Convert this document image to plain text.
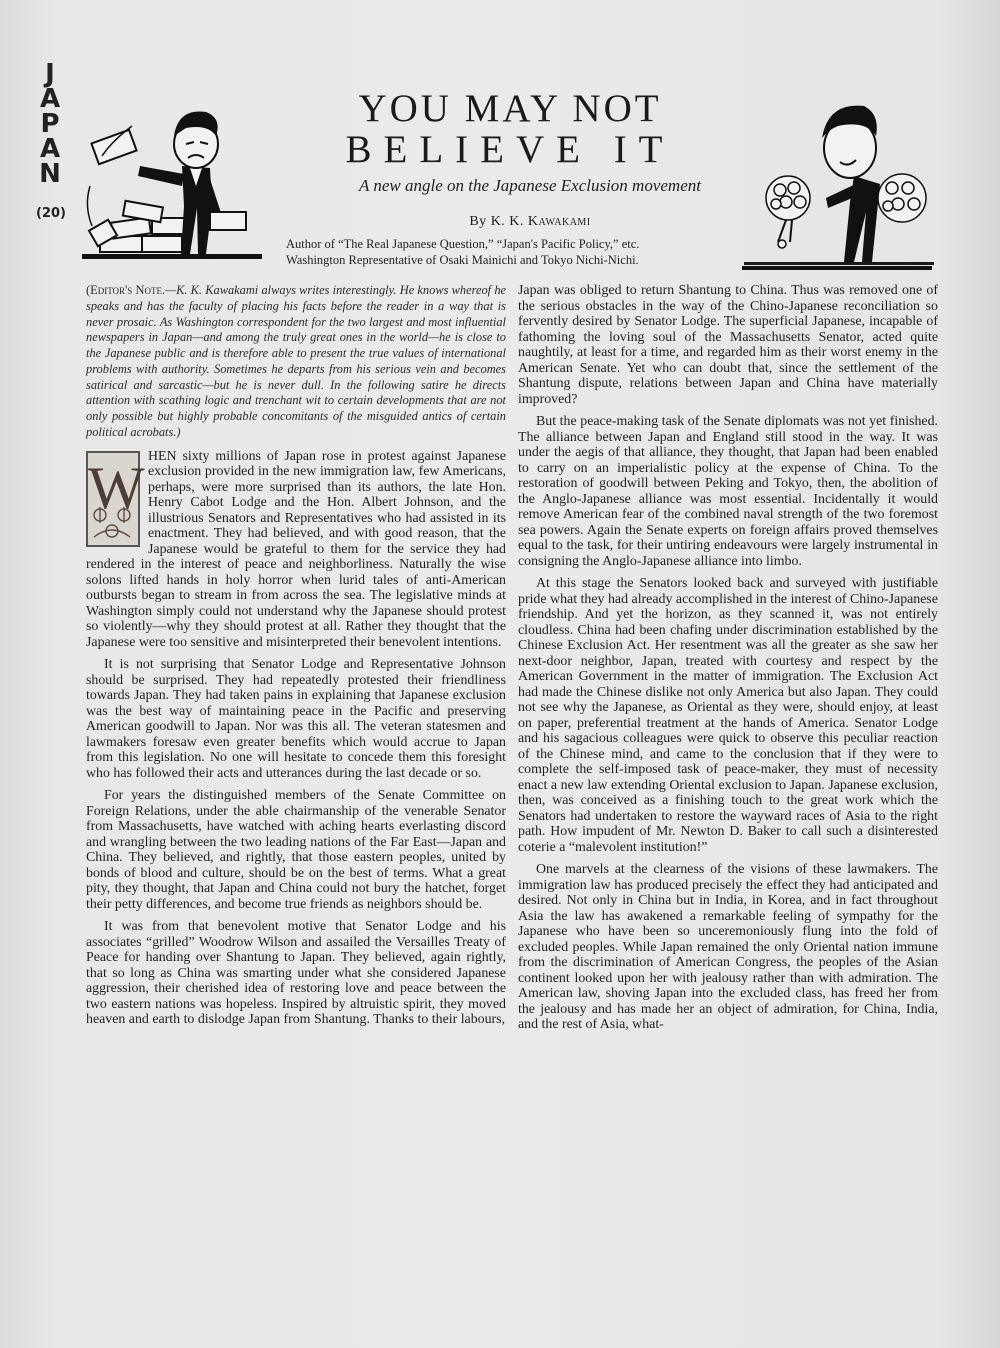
J
A
P
A
N
(20)
YOU MAY NOT
BELIEVE IT
A new angle on the Japanese Exclusion movement
By K. K. Kawakami
Author of “The Real Japanese Question,” “Japan's Pacific Policy,” etc.
Washington Representative of Osaki Mainichi and Tokyo Nichi-Nichi.

(Editor's Note.—K. K. Kawakami always writes interestingly. He knows whereof he speaks and has the faculty of placing his facts before the reader in a way that is never prosaic. As Washington correspondent for the two largest and most influential newspapers in Japan—and among the truly great ones in the world—he is close to the Japanese public and is therefore able to present the true values of international problems with authority. Sometimes he departs from his serious vein and becomes satirical and sarcastic—but he is never dull. In the following satire he directs attention with scathing logic and trenchant wit to certain developments that are not only possible but highly probable concomitants of the misguided antics of certain political acrobats.)

W HEN sixty millions of Japan rose in protest against Japanese exclusion provided in the new immigration law, few Americans, perhaps, were more surprised than its authors, the late Hon. Henry Cabot Lodge and the Hon. Albert Johnson, and the illustrious Senators and Representatives who had assisted in its enactment. They had believed, and with good reason, that the Japanese would be grateful to them for the service they had rendered in the interest of peace and neighborliness. Naturally the wise solons lifted hands in holy horror when lurid tales of anti-American outbursts began to stream in from across the sea. The legislative minds at Washington simply could not understand why the Japanese should protest so violently—why they should protest at all. Rather they thought that the Japanese were too sensitive and misinterpreted their benevolent intentions.

It is not surprising that Senator Lodge and Representative Johnson should be surprised. They had repeatedly protested their friendliness towards Japan. They had taken pains in explaining that Japanese exclusion was the best way of maintaining peace in the Pacific and preserving American goodwill to Japan. Nor was this all. The veteran statesmen and lawmakers foresaw even greater benefits which would accrue to Japan from this legislation. No one will hesitate to concede them this foresight who has followed their acts and utterances during the last decade or so.

For years the distinguished members of the Senate Committee on Foreign Relations, under the able chairmanship of the venerable Senator from Massachusetts, have watched with aching hearts everlasting discord and wrangling between the two leading nations of the Far East—Japan and China. They believed, and rightly, that those eastern peoples, united by bonds of blood and culture, should be on the best of terms. What a great pity, they thought, that Japan and China could not bury the hatchet, forget their petty differences, and become true friends as neighbors should be.

It was from that benevolent motive that Senator Lodge and his associates “grilled” Woodrow Wilson and assailed the Versailles Treaty of Peace for handing over Shantung to Japan. They believed, again rightly, that so long as China was smarting under what she considered Japanese aggression, their cherished idea of restoring love and peace between the two eastern nations was hopeless. Inspired by altruistic spirit, they moved heaven and earth to dislodge Japan from Shantung. Thanks to their labours,

Japan was obliged to return Shantung to China. Thus was removed one of the serious obstacles in the way of the Chino-Japanese reconciliation so fervently desired by Senator Lodge. The superficial Japanese, incapable of fathoming the loving soul of the Massachusetts Senator, acted quite naughtily, at least for a time, and regarded him as their worst enemy in the American Senate. Yet who can doubt that, since the settlement of the Shantung dispute, relations between Japan and China have materially improved?

But the peace-making task of the Senate diplomats was not yet finished. The alliance between Japan and England still stood in the way. It was under the aegis of that alliance, they thought, that Japan had been enabled to carry on an imperialistic policy at the expense of China. To the restoration of goodwill between Peking and Tokyo, then, the abolition of the Anglo-Japanese alliance was most essential. Incidentally it would remove American fear of the combined naval strength of the two foremost sea powers. Again the Senate experts on foreign affairs proved themselves equal to the task, for their untiring endeavours were largely instrumental in consigning the Anglo-Japanese alliance into limbo.

At this stage the Senators looked back and surveyed with justifiable pride what they had already accomplished in the interest of Chino-Japanese friendship. And yet the horizon, as they scanned it, was not entirely cloudless. China had been chafing under discrimination established by the Chinese Exclusion Act. Her resentment was all the greater as she saw her next-door neighbor, Japan, treated with courtesy and respect by the American Government in the matter of immigration. The Exclusion Act had made the Chinese dislike not only America but also Japan. They could not see why the Japanese, as Oriental as they were, should enjoy, at least on paper, preferential treatment at the hands of America. Senator Lodge and his sagacious colleagues were quick to observe this peculiar reaction of the Chinese mind, and came to the conclusion that if they were to complete the self-imposed task of peace-maker, they must of necessity enact a new law extending Oriental exclusion to Japan. Japanese exclusion, then, was conceived as a finishing touch to the great work which the Senators had undertaken to restore the wayward races of Asia to the right path. How impudent of Mr. Newton D. Baker to call such a disinterested coterie a “malevolent institution!”

One marvels at the clearness of the visions of these lawmakers. The immigration law has produced precisely the effect they had anticipated and desired. Not only in China but in India, in Korea, and in fact throughout Asia the law has awakened a remarkable feeling of sympathy for the Japanese who have been so unceremoniously flung into the fold of excluded peoples. While Japan remained the only Oriental nation immune from the discrimination of American Congress, the peoples of the Asian continent looked upon her with jealousy rather than with admiration. The American law, shoving Japan into the excluded class, has freed her from the jealousy and has made her an object of admiration, for China, India, and the rest of Asia, what-
